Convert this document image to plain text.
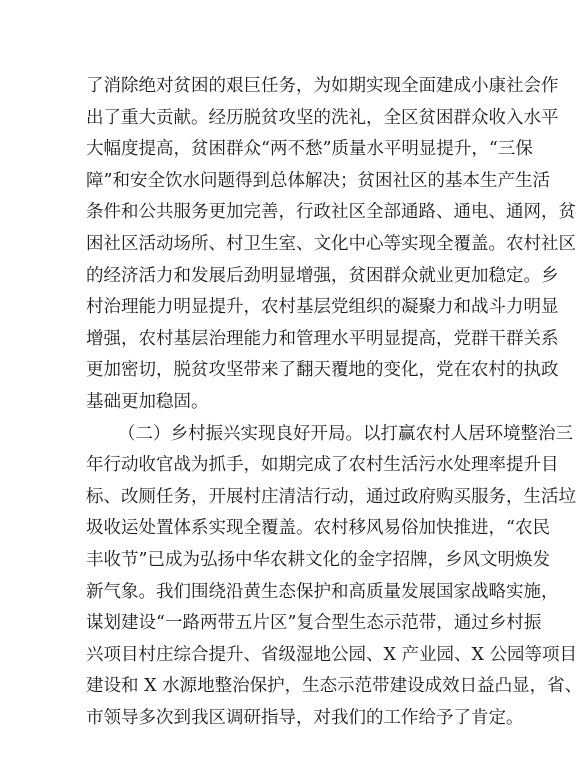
了消除绝对贫困的艰巨任务，为如期实现全面建成小康社会作
出了重大贡献。经历脱贫攻坚的洗礼，全区贫困群众收入水平
大幅度提高，贫困群众“两不愁”质量水平明显提升，“三保
障”和安全饮水问题得到总体解决；贫困社区的基本生产生活
条件和公共服务更加完善，行政社区全部通路、通电、通网，贫
困社区活动场所、村卫生室、文化中心等实现全覆盖。农村社区
的经济活力和发展后劲明显增强，贫困群众就业更加稳定。乡
村治理能力明显提升，农村基层党组织的凝聚力和战斗力明显
增强，农村基层治理能力和管理水平明显提高，党群干群关系
更加密切，脱贫攻坚带来了翻天覆地的变化，党在农村的执政
基础更加稳固。
（二）乡村振兴实现良好开局。以打赢农村人居环境整治三
年行动收官战为抓手，如期完成了农村生活污水处理率提升目
标、改厕任务，开展村庄清洁行动，通过政府购买服务，生活垃
圾收运处置体系实现全覆盖。农村移风易俗加快推进，“农民
丰收节”已成为弘扬中华农耕文化的金字招牌，乡风文明焕发
新气象。我们围绕沿黄生态保护和高质量发展国家战略实施，
谋划建设“一路两带五片区”复合型生态示范带，通过乡村振
兴项目村庄综合提升、省级湿地公园、X 产业园、X 公园等项目
建设和 X 水源地整治保护，生态示范带建设成效日益凸显，省、
市领导多次到我区调研指导，对我们的工作给予了肯定。
